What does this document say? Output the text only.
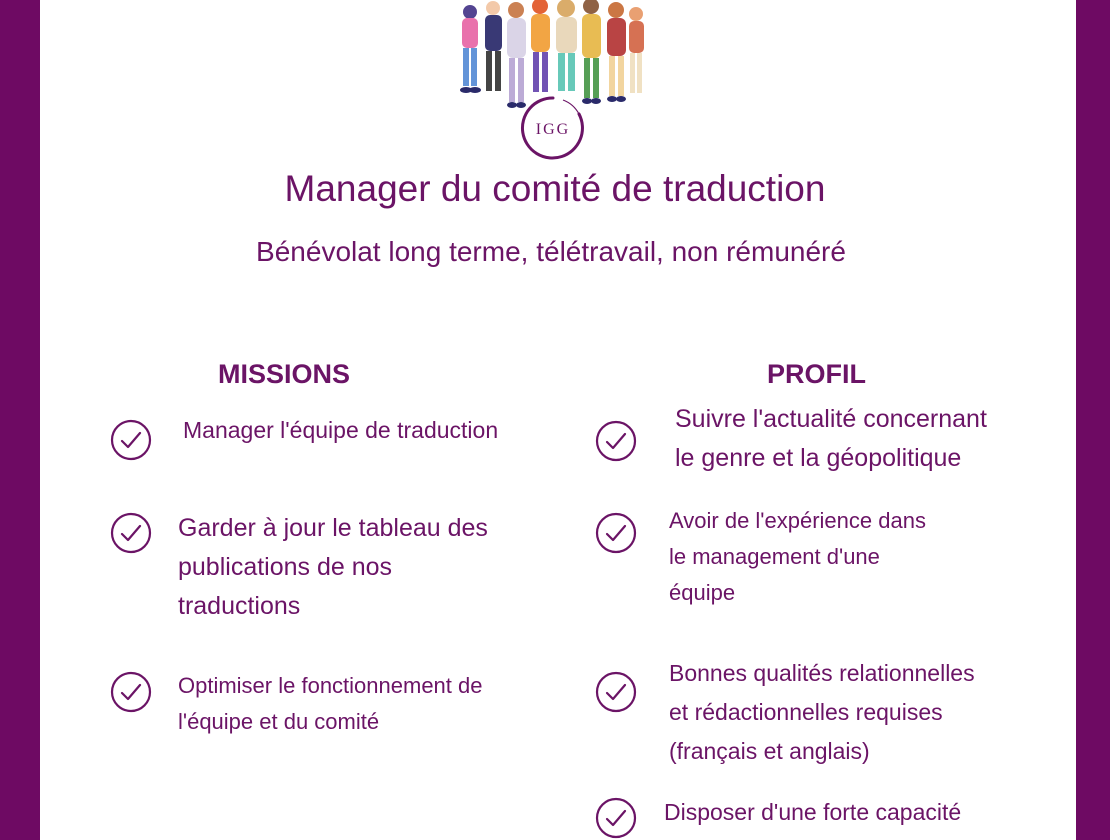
IGG
Manager du comité de traduction
Bénévolat long terme, télétravail, non rémunéré
MISSIONS
Manager l'équipe de traduction
Garder à jour le tableau des
publications de nos
traductions
Optimiser le fonctionnement de
l'équipe et du comité
PROFIL
Suivre l'actualité concernant
le genre et la géopolitique
Avoir de l'expérience dans
le management d'une
équipe
Bonnes qualités relationnelles
et rédactionnelles requises
(français et anglais)
Disposer d'une forte capacité
